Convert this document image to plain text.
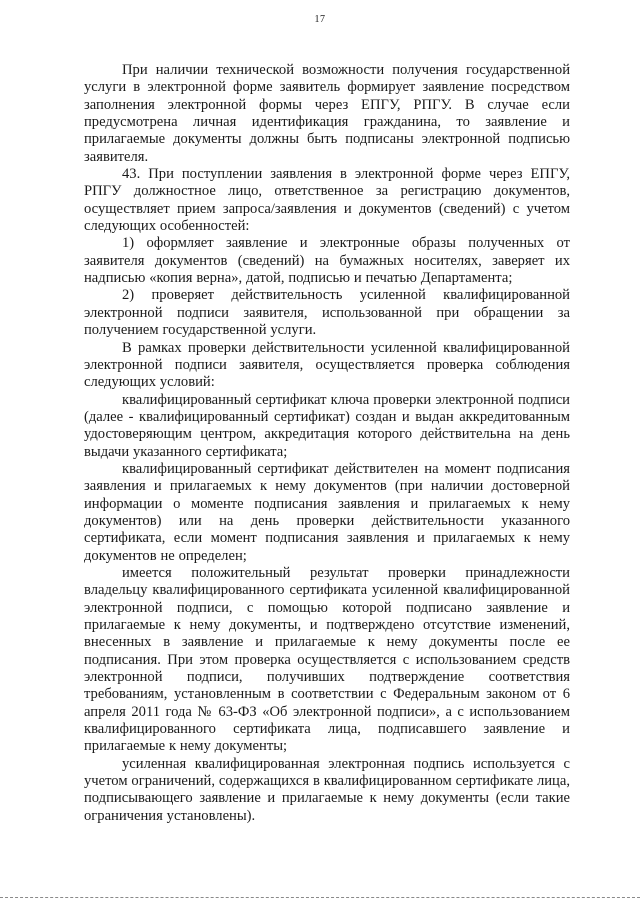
17

При наличии технической возможности получения государственной услуги в электронной форме заявитель формирует заявление посредством заполнения электронной формы через ЕПГУ, РПГУ. В случае если предусмотрена личная идентификация гражданина, то заявление и прилагаемые документы должны быть подписаны электронной подписью заявителя.

43. При поступлении заявления в электронной форме через ЕПГУ, РПГУ должностное лицо, ответственное за регистрацию документов, осуществляет прием запроса/заявления и документов (сведений) с учетом следующих особенностей:

1) оформляет заявление и электронные образы полученных от заявителя документов (сведений) на бумажных носителях, заверяет их надписью «копия верна», датой, подписью и печатью Департамента;

2) проверяет действительность усиленной квалифицированной электронной подписи заявителя, использованной при обращении за получением государственной услуги.

В рамках проверки действительности усиленной квалифицированной электронной подписи заявителя, осуществляется проверка соблюдения следующих условий:

квалифицированный сертификат ключа проверки электронной подписи (далее - квалифицированный сертификат) создан и выдан аккредитованным удостоверяющим центром, аккредитация которого действительна на день выдачи указанного сертификата;

квалифицированный сертификат действителен на момент подписания заявления и прилагаемых к нему документов (при наличии достоверной информации о моменте подписания заявления и прилагаемых к нему документов) или на день проверки действительности указанного сертификата, если момент подписания заявления и прилагаемых к нему документов не определен;

имеется положительный результат проверки принадлежности владельцу квалифицированного сертификата усиленной квалифицированной электронной подписи, с помощью которой подписано заявление и прилагаемые к нему документы, и подтверждено отсутствие изменений, внесенных в заявление и прилагаемые к нему документы после ее подписания. При этом проверка осуществляется с использованием средств электронной подписи, получивших подтверждение соответствия требованиям, установленным в соответствии с Федеральным законом от 6 апреля 2011 года № 63-ФЗ «Об электронной подписи», а с использованием квалифицированного сертификата лица, подписавшего заявление и прилагаемые к нему документы;

усиленная квалифицированная электронная подпись используется с учетом ограничений, содержащихся в квалифицированном сертификате лица, подписывающего заявление и прилагаемые к нему документы (если такие ограничения установлены).
